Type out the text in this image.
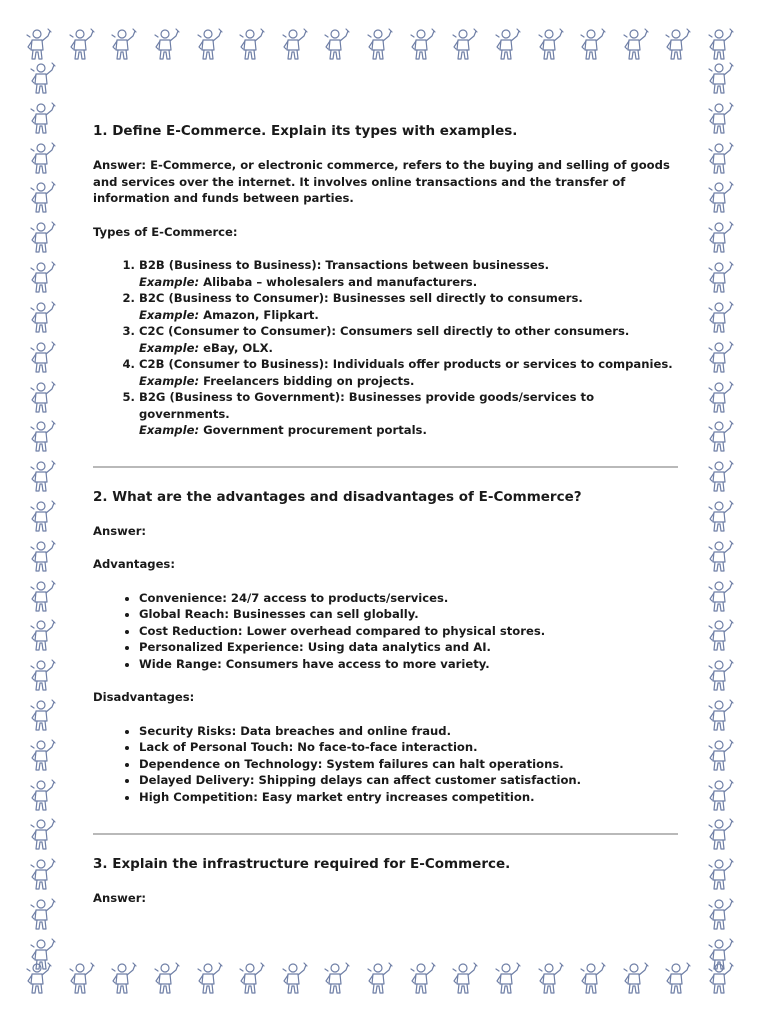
1. Define E-Commerce. Explain its types with examples.

Answer: E-Commerce, or electronic commerce, refers to the buying and selling of goods and services over the internet. It involves online transactions and the transfer of information and funds between parties.

Types of E-Commerce:

1. B2B (Business to Business): Transactions between businesses.
Example: Alibaba – wholesalers and manufacturers.
2. B2C (Business to Consumer): Businesses sell directly to consumers.
Example: Amazon, Flipkart.
3. C2C (Consumer to Consumer): Consumers sell directly to other consumers.
Example: eBay, OLX.
4. C2B (Consumer to Business): Individuals offer products or services to companies.
Example: Freelancers bidding on projects.
5. B2G (Business to Government): Businesses provide goods/services to governments.
Example: Government procurement portals.
2. What are the advantages and disadvantages of E-Commerce?

Answer:

Advantages:

• Convenience: 24/7 access to products/services.
• Global Reach: Businesses can sell globally.
• Cost Reduction: Lower overhead compared to physical stores.
• Personalized Experience: Using data analytics and AI.
• Wide Range: Consumers have access to more variety.

Disadvantages:

• Security Risks: Data breaches and online fraud.
• Lack of Personal Touch: No face-to-face interaction.
• Dependence on Technology: System failures can halt operations.
• Delayed Delivery: Shipping delays can affect customer satisfaction.
• High Competition: Easy market entry increases competition.
3. Explain the infrastructure required for E-Commerce.

Answer:
